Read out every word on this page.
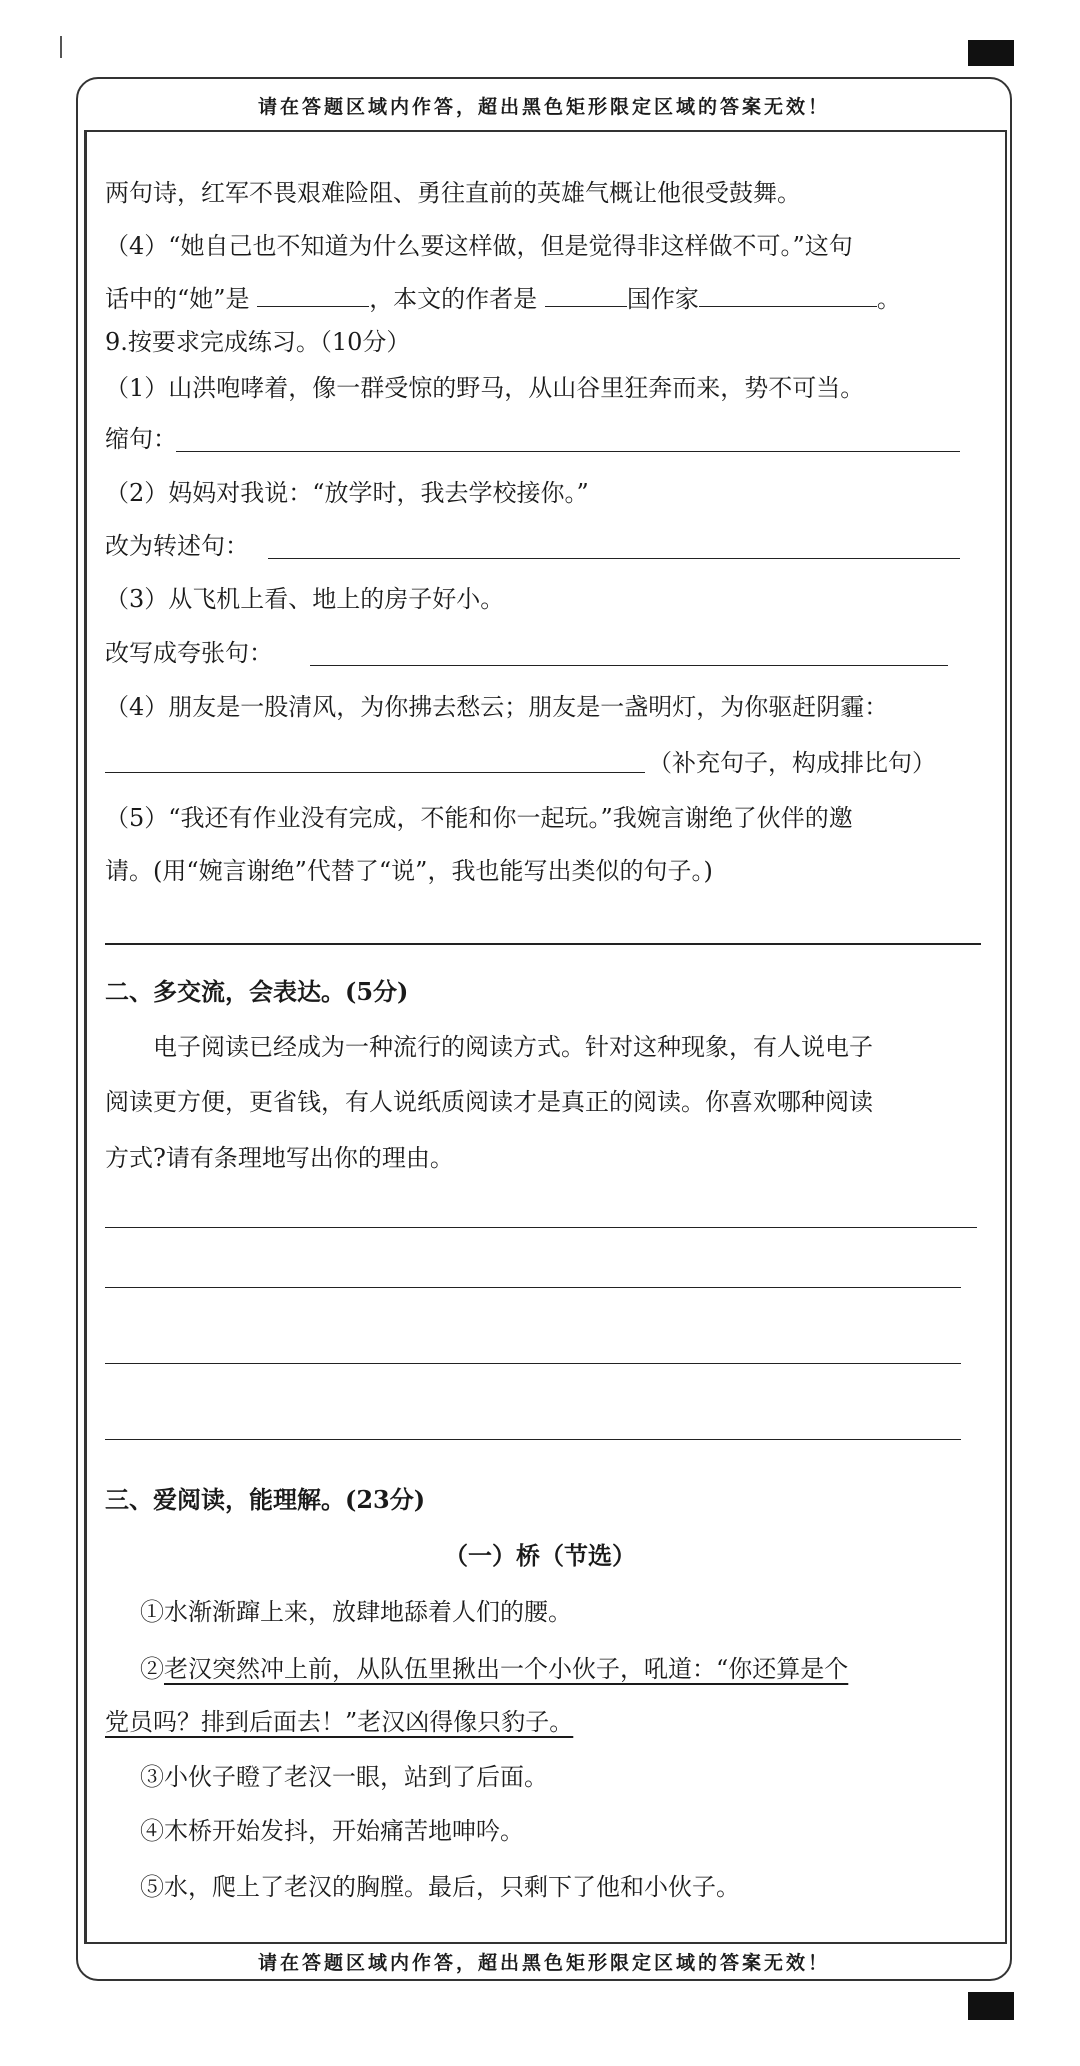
请在答题区域内作答，超出黑色矩形限定区域的答案无效！
两句诗，红军不畏艰难险阻、勇往直前的英雄气概让他很受鼓舞。
（4）“她自己也不知道为什么要这样做，但是觉得非这样做不可。”这句
话中的“她”是	，本文的作者是	国作家	。
9.按要求完成练习。（10分）
（1）山洪咆哮着，像一群受惊的野马，从山谷里狂奔而来，势不可当。
缩句：
（2）妈妈对我说：“放学时，我去学校接你。”
改为转述句：
（3）从飞机上看、地上的房子好小。
改写成夸张句：
（4）朋友是一股清风，为你拂去愁云；朋友是一盏明灯，为你驱赶阴霾：
（补充句子，构成排比句）
（5）“我还有作业没有完成，不能和你一起玩。”我婉言谢绝了伙伴的邀
请。(用“婉言谢绝”代替了“说”，我也能写出类似的句子。)
二、多交流，会表达。(5分)
电子阅读已经成为一种流行的阅读方式。针对这种现象，有人说电子
阅读更方便，更省钱，有人说纸质阅读才是真正的阅读。你喜欢哪种阅读
方式?请有条理地写出你的理由。
三、爱阅读，能理解。(23分)
（一）桥（节选）
①水渐渐蹿上来，放肆地舔着人们的腰。
②老汉突然冲上前，从队伍里揪出一个小伙子，吼道：“你还算是个
党员吗？排到后面去！”老汉凶得像只豹子。
③小伙子瞪了老汉一眼，站到了后面。
④木桥开始发抖，开始痛苦地呻吟。
⑤水，爬上了老汉的胸膛。最后，只剩下了他和小伙子。
请在答题区域内作答，超出黑色矩形限定区域的答案无效！
